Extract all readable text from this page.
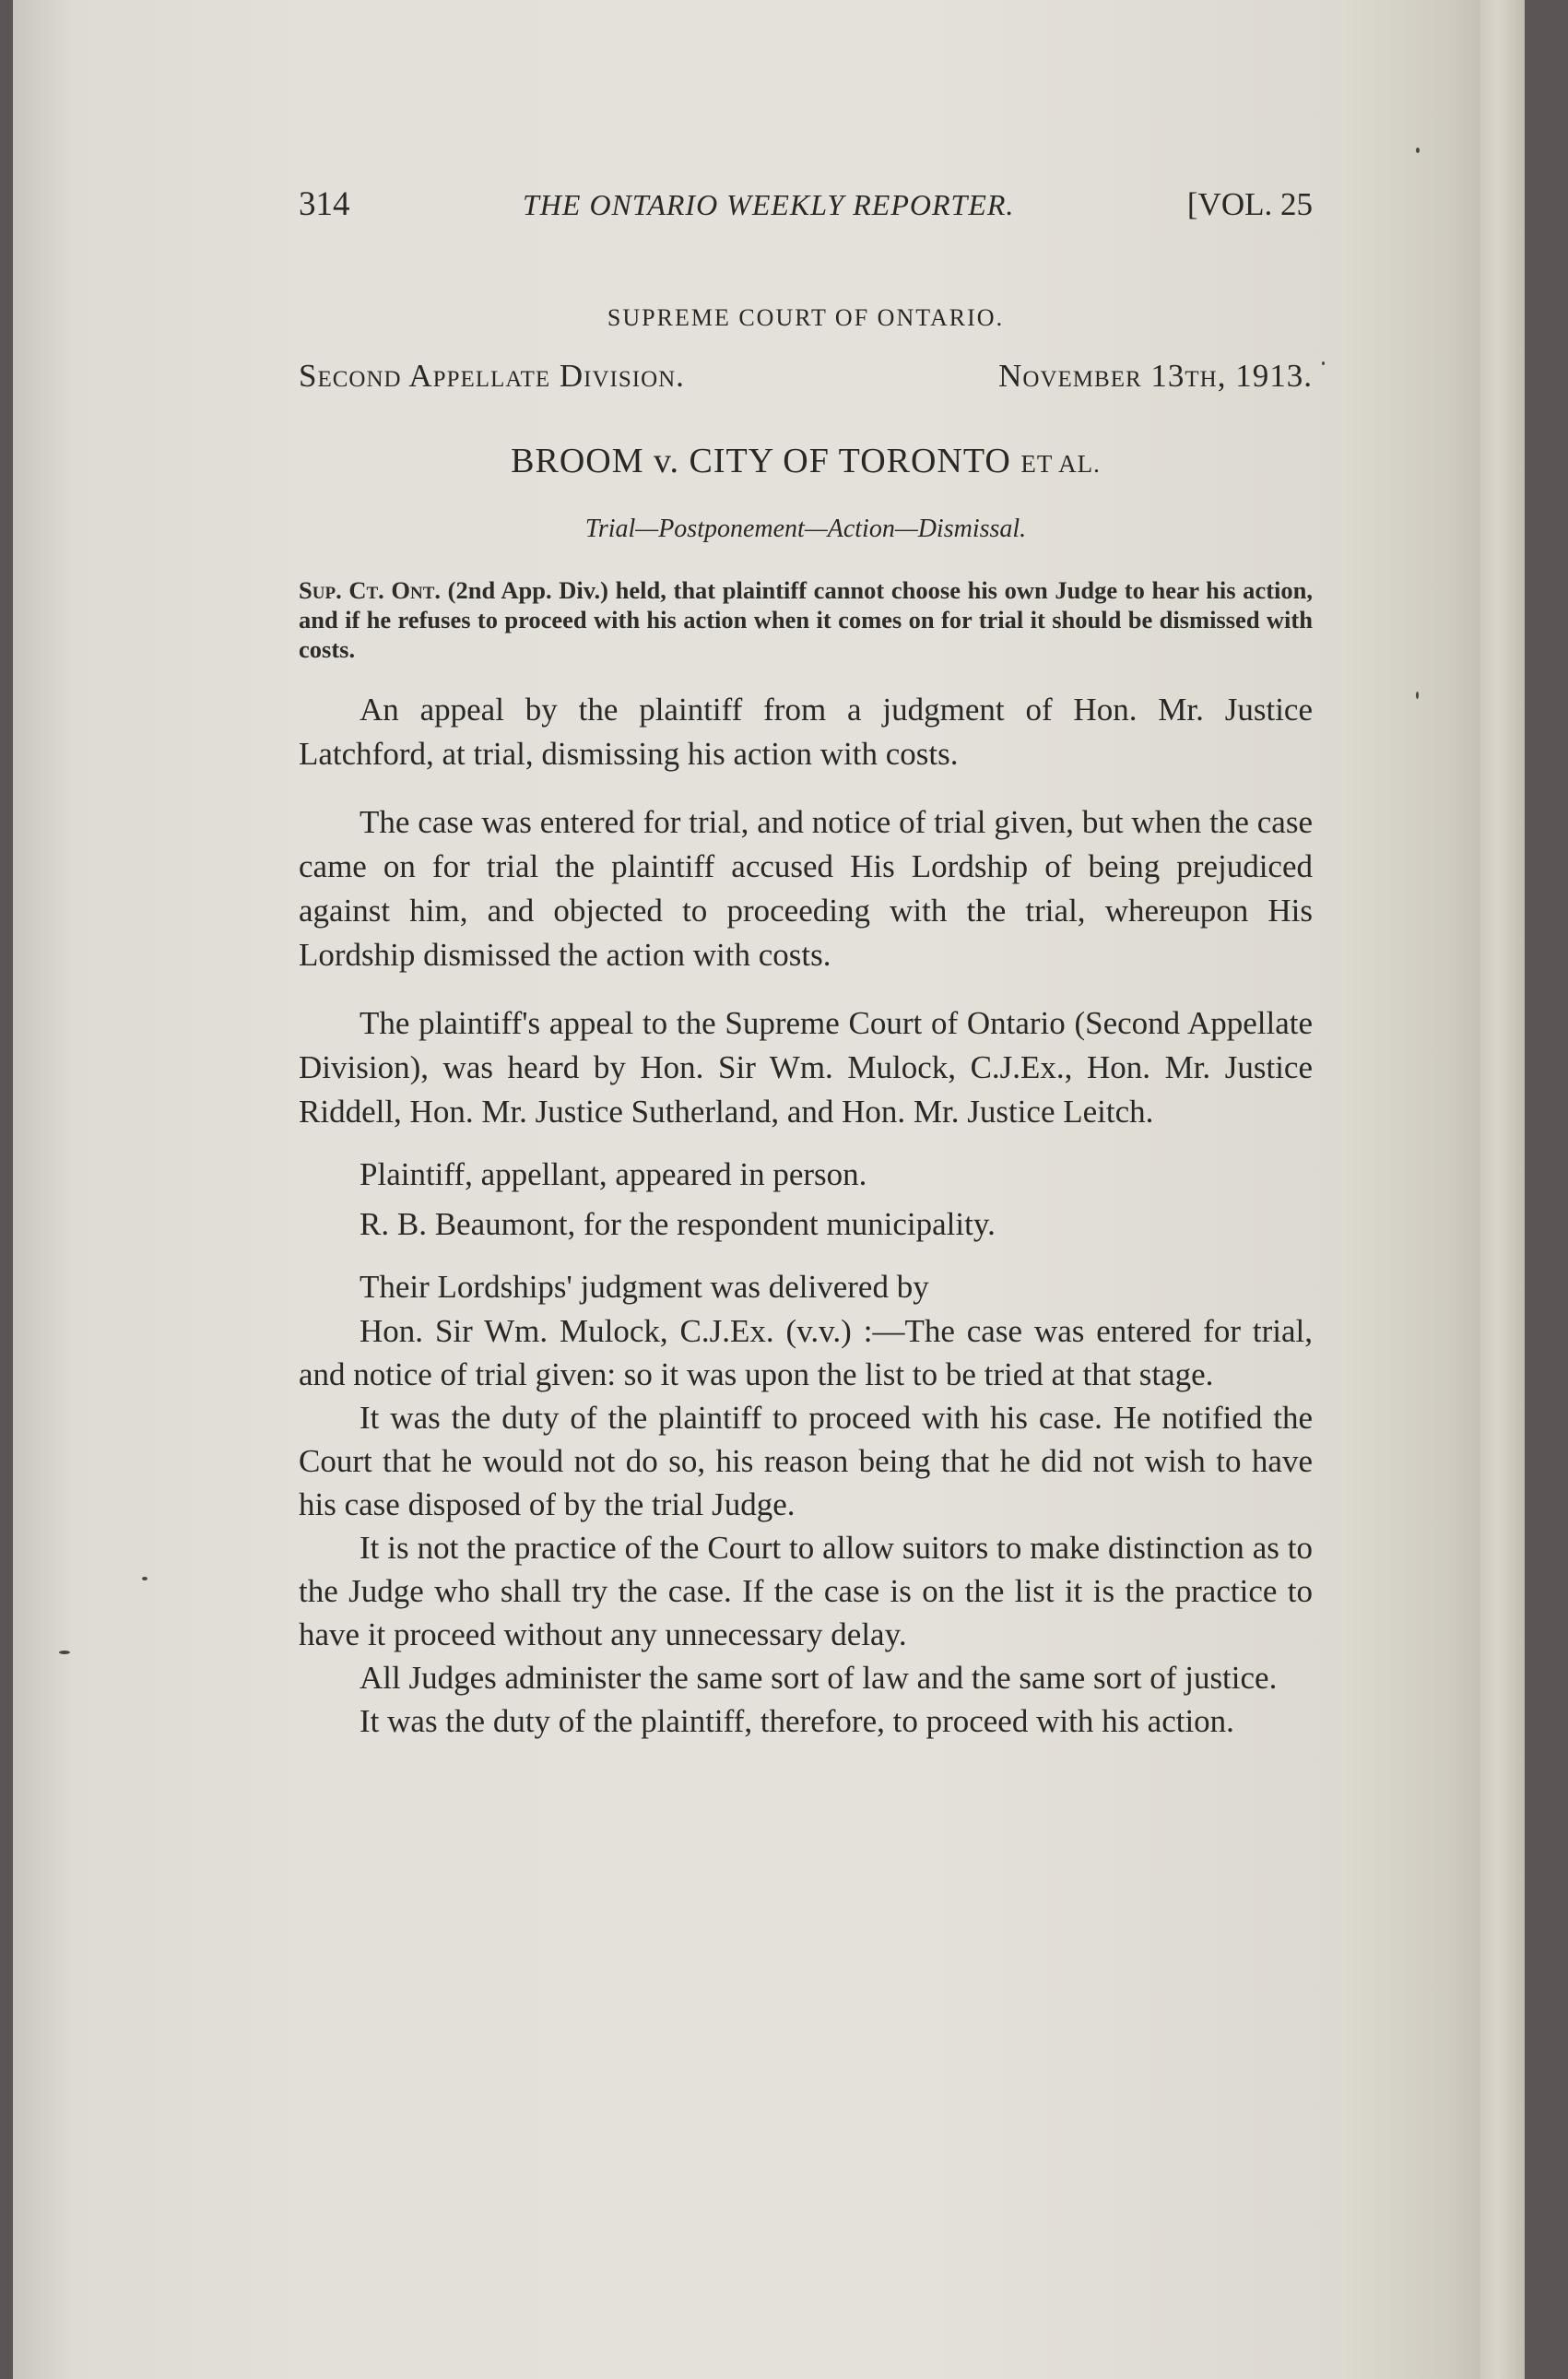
314	THE ONTARIO WEEKLY REPORTER.	[VOL. 25
SUPREME COURT OF ONTARIO.
Second Appellate Division.	November 13th, 1913.
BROOM v. CITY OF TORONTO ET AL.
Trial—Postponement—Action—Dismissal.
Sup. Ct. Ont. (2nd App. Div.) held, that plaintiff cannot choose his own Judge to hear his action, and if he refuses to proceed with his action when it comes on for trial it should be dismissed with costs.

An appeal by the plaintiff from a judgment of Hon. Mr. Justice Latchford, at trial, dismissing his action with costs.

The case was entered for trial, and notice of trial given, but when the case came on for trial the plaintiff accused His Lordship of being prejudiced against him, and objected to proceeding with the trial, whereupon His Lordship dismissed the action with costs.

The plaintiff's appeal to the Supreme Court of Ontario (Second Appellate Division), was heard by Hon. Sir Wm. Mulock, C.J.Ex., Hon. Mr. Justice Riddell, Hon. Mr. Justice Sutherland, and Hon. Mr. Justice Leitch.

Plaintiff, appellant, appeared in person.

R. B. Beaumont, for the respondent municipality.

Their Lordships' judgment was delivered by

Hon. Sir Wm. Mulock, C.J.Ex. (v.v.) :—The case was entered for trial, and notice of trial given: so it was upon the list to be tried at that stage.

It was the duty of the plaintiff to proceed with his case. He notified the Court that he would not do so, his reason being that he did not wish to have his case disposed of by the trial Judge.

It is not the practice of the Court to allow suitors to make distinction as to the Judge who shall try the case. If the case is on the list it is the practice to have it proceed without any unnecessary delay.

All Judges administer the same sort of law and the same sort of justice.

It was the duty of the plaintiff, therefore, to proceed with his action.
